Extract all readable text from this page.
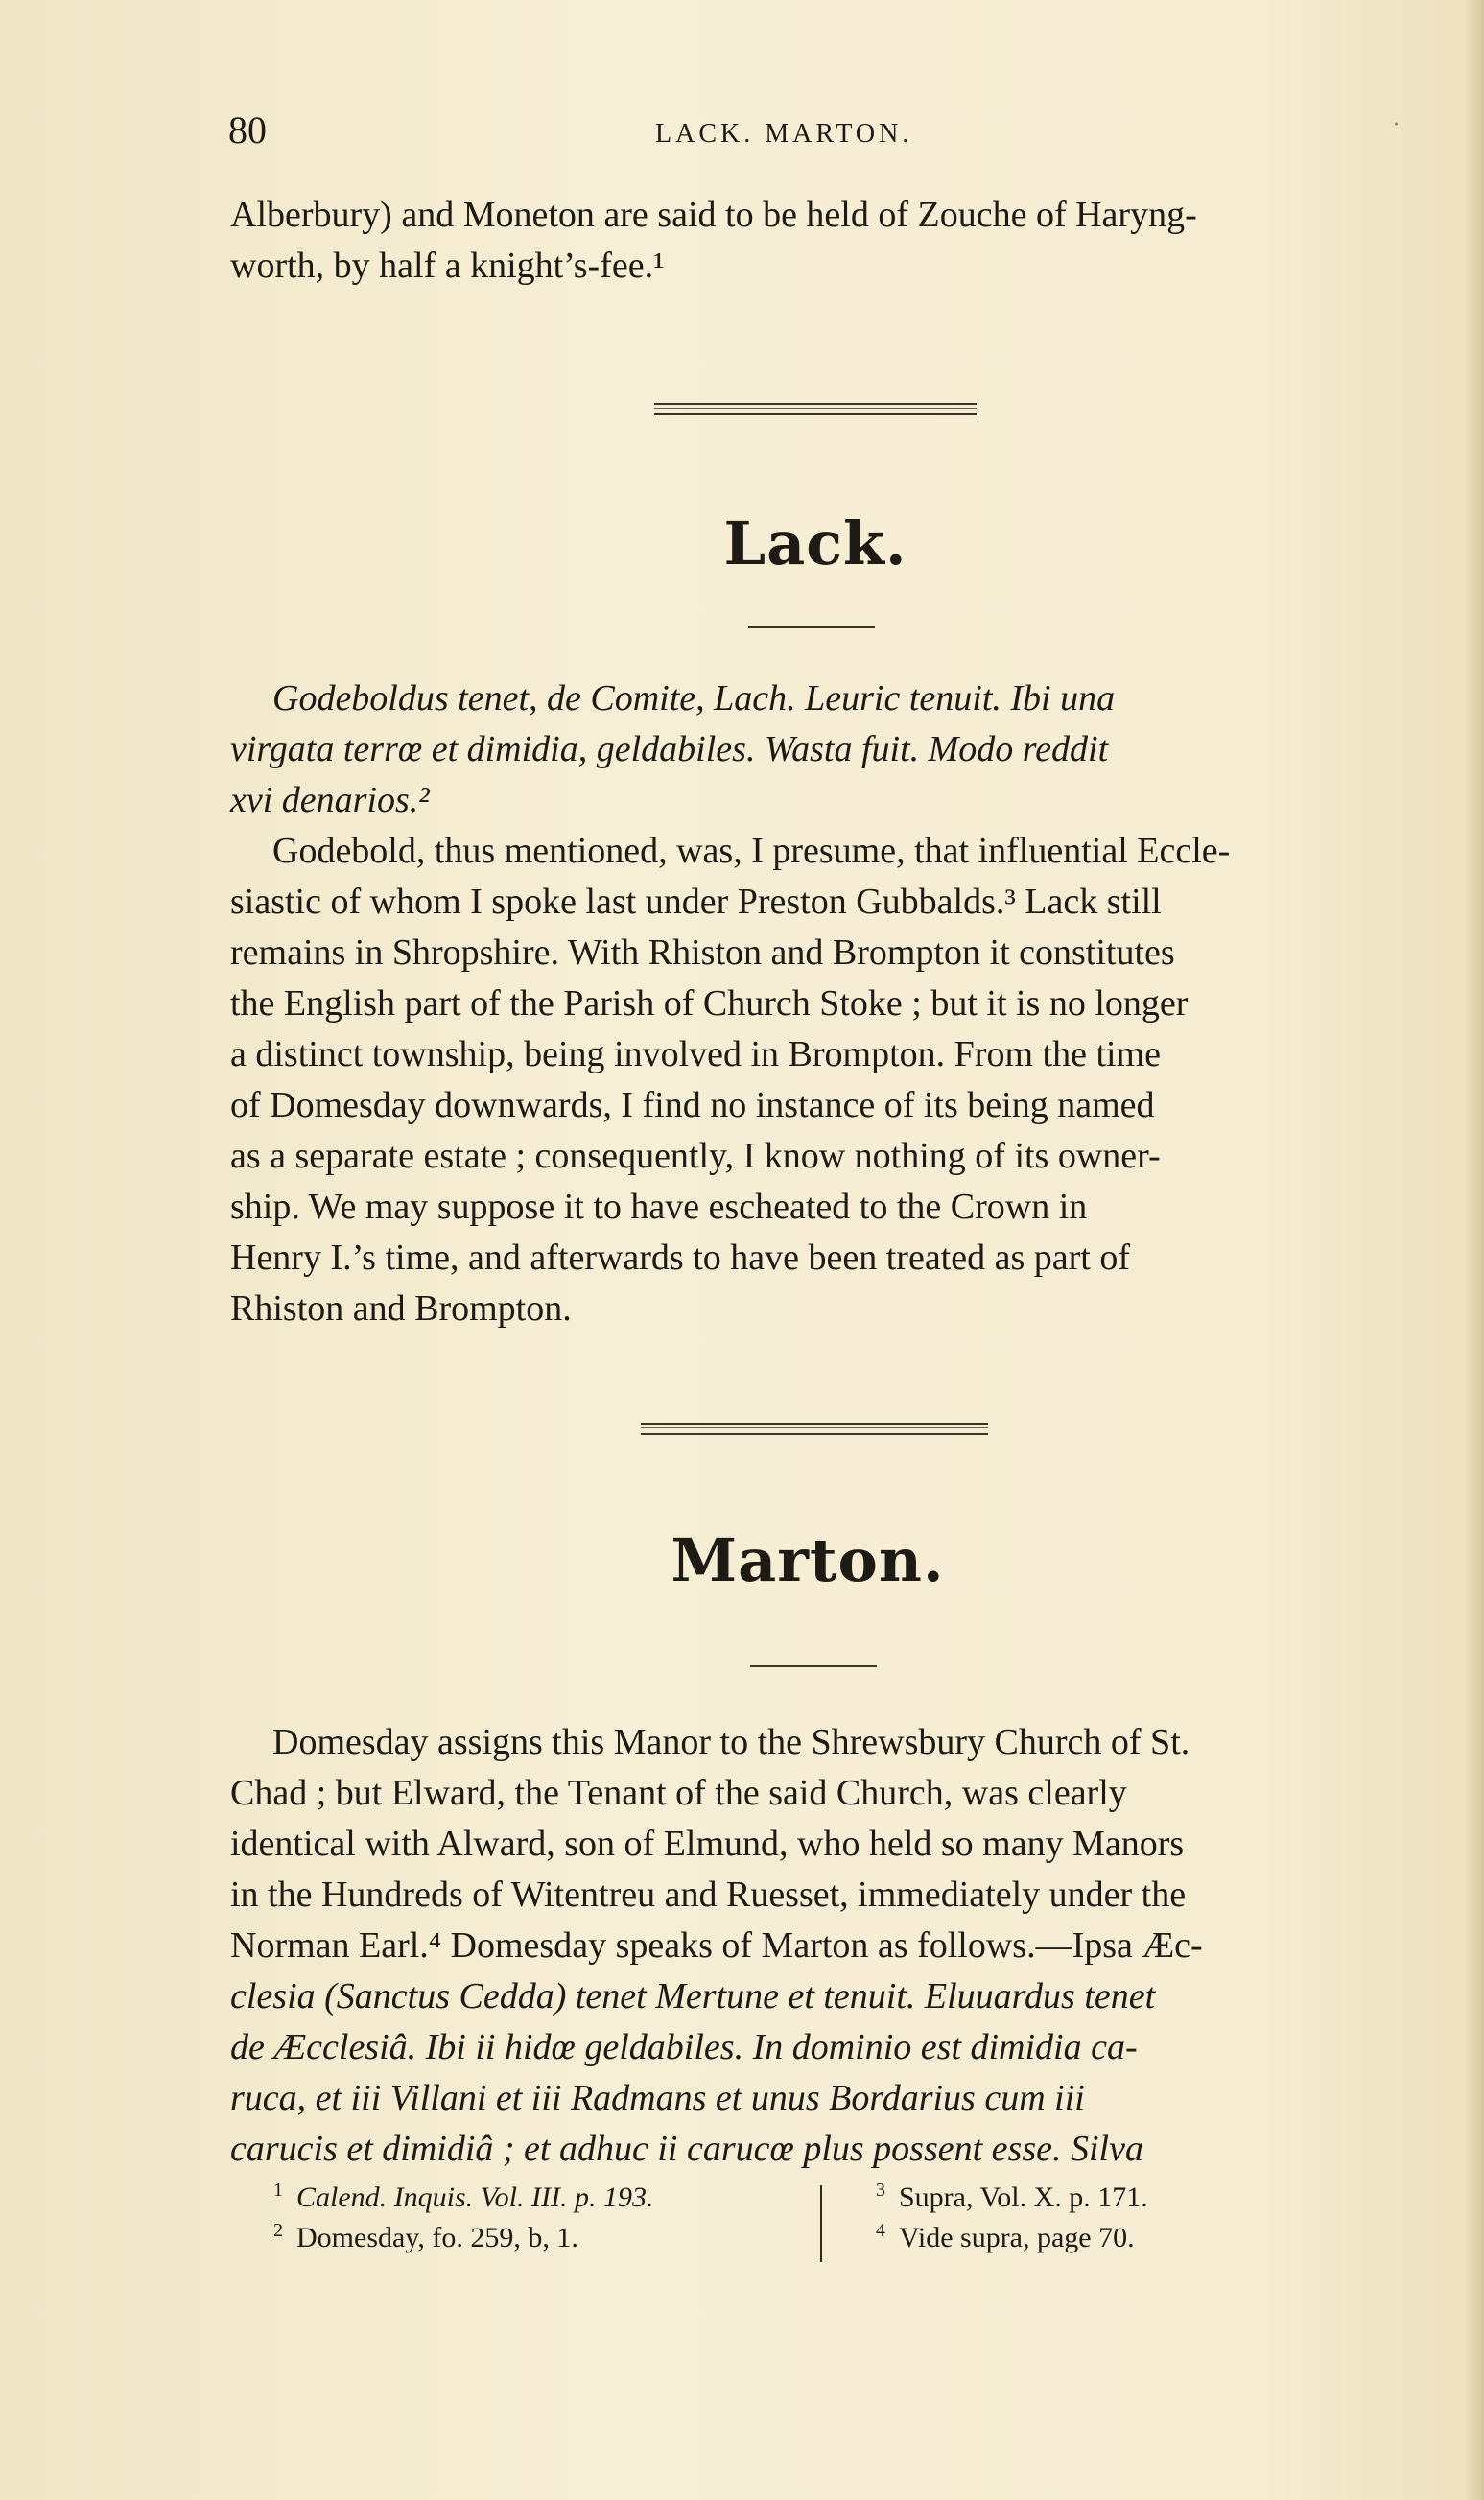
80	LACK. MARTON.	·
Alberbury) and Moneton are said to be held of Zouche of Haryng-
worth, by half a knight’s-fee.¹
Lack.
Godeboldus tenet, de Comite, Lach. Leuric tenuit. Ibi una
virgata terrœ et dimidia, geldabiles. Wasta fuit. Modo reddit
xvi denarios.²
Godebold, thus mentioned, was, I presume, that influential Eccle-
siastic of whom I spoke last under Preston Gubbalds.³ Lack still
remains in Shropshire. With Rhiston and Brompton it constitutes
the English part of the Parish of Church Stoke ; but it is no longer
a distinct township, being involved in Brompton. From the time
of Domesday downwards, I find no instance of its being named
as a separate estate ; consequently, I know nothing of its owner-
ship. We may suppose it to have escheated to the Crown in
Henry I.’s time, and afterwards to have been treated as part of
Rhiston and Brompton.
Marton.
Domesday assigns this Manor to the Shrewsbury Church of St.
Chad ; but Elward, the Tenant of the said Church, was clearly
identical with Alward, son of Elmund, who held so many Manors
in the Hundreds of Witentreu and Ruesset, immediately under the
Norman Earl.⁴ Domesday speaks of Marton as follows.—Ipsa Æc-
clesia (Sanctus Cedda) tenet Mertune et tenuit. Eluuardus tenet
de Æcclesiâ. Ibi ii hidœ geldabiles. In dominio est dimidia ca-
ruca, et iii Villani et iii Radmans et unus Bordarius cum iii
carucis et dimidiâ ; et adhuc ii carucœ plus possent esse. Silva
$^1$ Calend. Inquis. Vol. III. p. 193.
$^2$ Domesday, fo. 259, b, 1.
$^3$ Supra, Vol. X. p. 171.
$^4$ Vide supra, page 70.
